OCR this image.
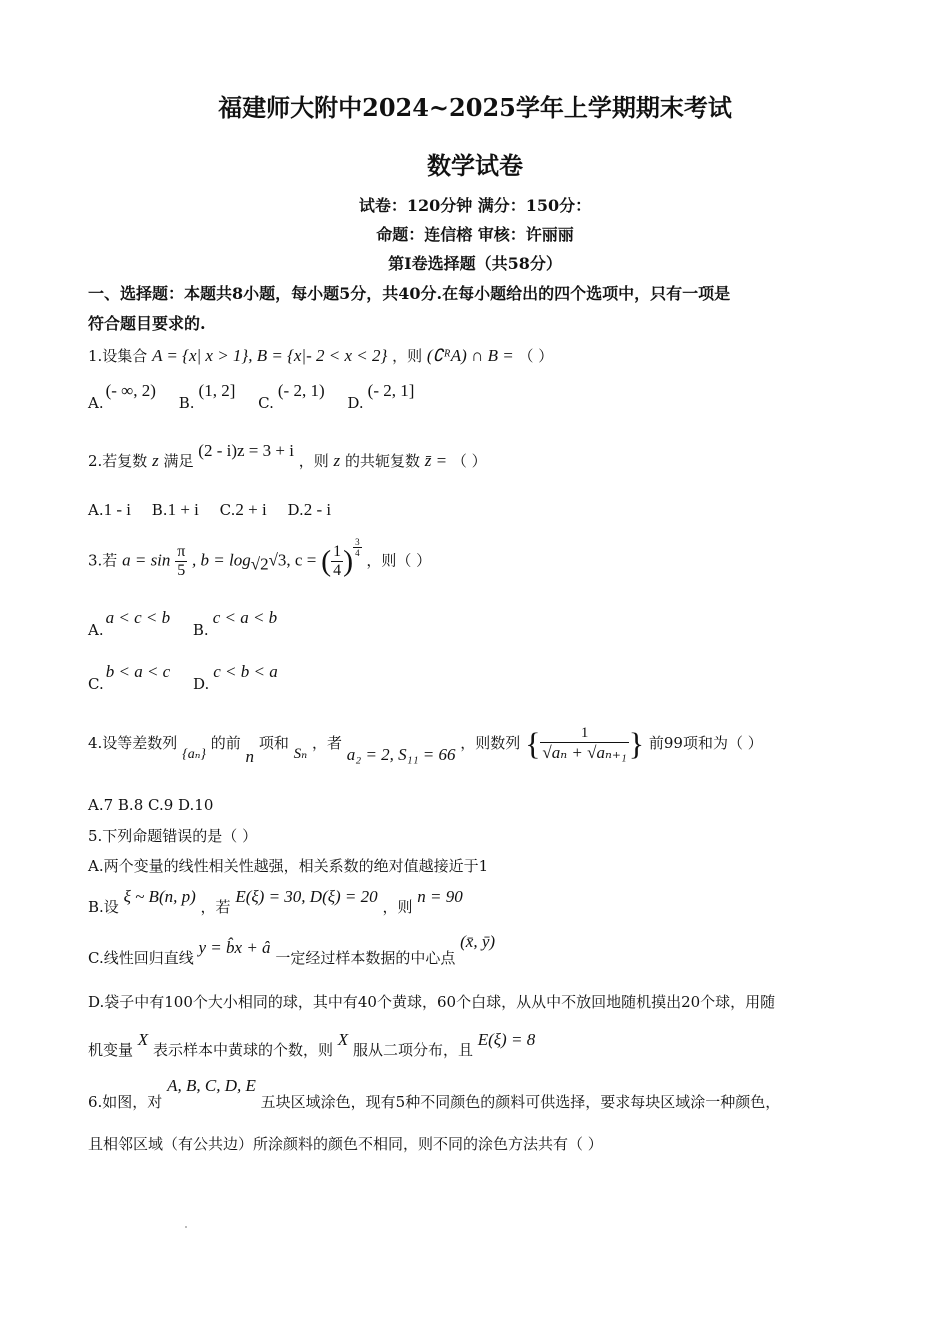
福建师大附中2024~2025学年上学期期末考试
数学试卷
试卷：120分钟 满分：150分：
命题：连信榕 审核：许丽丽
第I卷选择题（共58分）
一、选择题：本题共8小题，每小题5分，共40分.在每小题给出的四个选项中，只有一项是
符合题目要求的.
1.设集合 A = {x| x > 1}, B = {x|- 2 < x < 2} ，则 (∁ᴿA) ∩ B = （ ）
A.(- ∞, 2) B.(1, 2] C.(- 2, 1) D.(- 2, 1]
2.若复数 z 满足 (2 - i)z = 3 + i ，则 z 的共轭复数 z̄ = （ ）
A.1 - i B.1 + i C.2 + i D.2 - i
3.若 $a = \sin \frac{\pi}{5}$ , $b = \log_{√2}√3$, c = ( $\frac{1}{4}$ ) $\frac{3}{4}$
，则（ ）
A.a < c < b B.c < a < b
C.b < a < c D.c < b < a
4.设等差数列 {aₙ} 的前 n 项和 Sₙ ，者 a₂ = 2, S₁₁ = 66 ，则数列 { $\frac{1}{\text{√aₙ + √aₙ₊₁}}$ } 前99项和为（ ）
A.7 B.8 C.9 D.10
5.下列命题错误的是（ ）
A.两个变量的线性相关性越强，相关系数的绝对值越接近于1
B.设 ξ ~ B(n, p) ，若 E(ξ) = 30, D(ξ) = 20 ，则 n = 90
C.线性回归直线 y = b̂x + â 一定经过样本数据的中心点 (x̄, ȳ)
D.袋子中有100个大小相同的球，其中有40个黄球，60个白球，从从中不放回地随机摸出20个球，用随
机变量 X 表示样本中黄球的个数，则 X 服从二项分布，且 E(ξ) = 8
6.如图，对 A, B, C, D, E 五块区域涂色，现有5种不同颜色的颜料可供选择，要求每块区域涂一种颜色，
且相邻区域（有公共边）所涂颜料的颜色不相同，则不同的涂色方法共有（ ）
